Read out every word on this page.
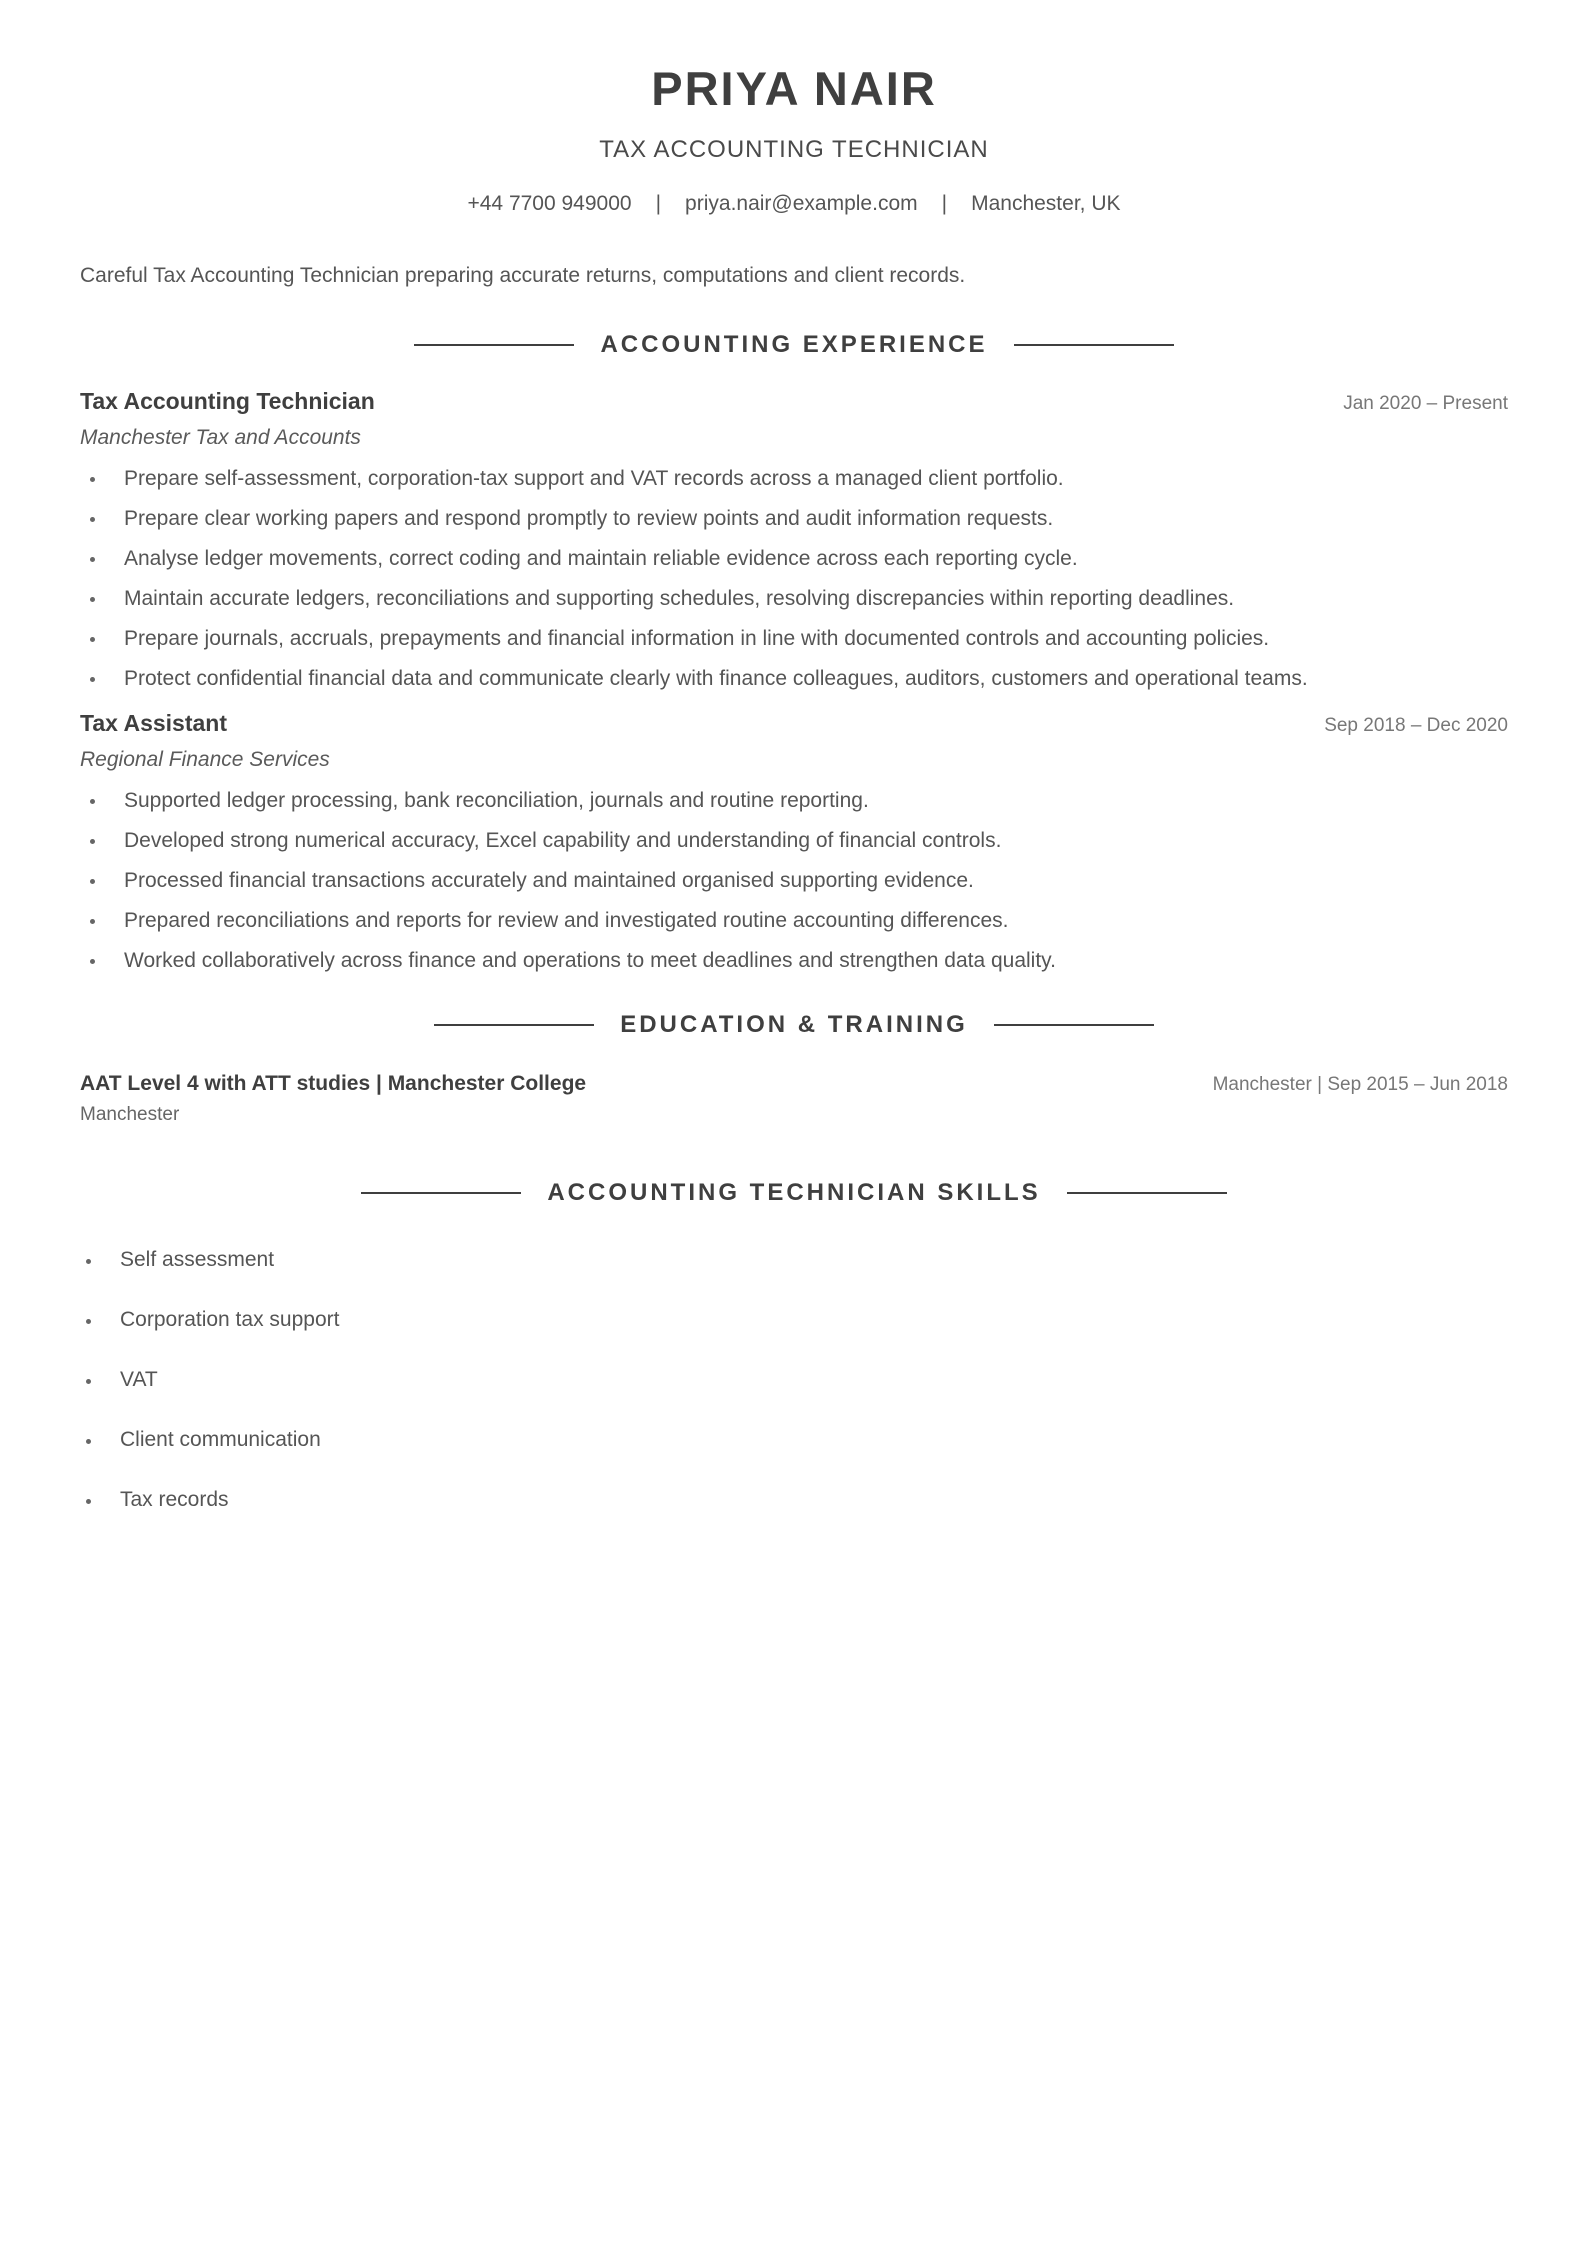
PRIYA NAIR
TAX ACCOUNTING TECHNICIAN
+44 7700 949000 | priya.nair@example.com | Manchester, UK
Careful Tax Accounting Technician preparing accurate returns, computations and client records.
ACCOUNTING EXPERIENCE
Tax Accounting Technician	Jan 2020 – Present
Manchester Tax and Accounts
Prepare self-assessment, corporation-tax support and VAT records across a managed client portfolio.
Prepare clear working papers and respond promptly to review points and audit information requests.
Analyse ledger movements, correct coding and maintain reliable evidence across each reporting cycle.
Maintain accurate ledgers, reconciliations and supporting schedules, resolving discrepancies within reporting deadlines.
Prepare journals, accruals, prepayments and financial information in line with documented controls and accounting policies.
Protect confidential financial data and communicate clearly with finance colleagues, auditors, customers and operational teams.
Tax Assistant	Sep 2018 – Dec 2020
Regional Finance Services
Supported ledger processing, bank reconciliation, journals and routine reporting.
Developed strong numerical accuracy, Excel capability and understanding of financial controls.
Processed financial transactions accurately and maintained organised supporting evidence.
Prepared reconciliations and reports for review and investigated routine accounting differences.
Worked collaboratively across finance and operations to meet deadlines and strengthen data quality.
EDUCATION & TRAINING
AAT Level 4 with ATT studies | Manchester College	Manchester | Sep 2015 – Jun 2018
Manchester
ACCOUNTING TECHNICIAN SKILLS
Self assessment
Corporation tax support
VAT
Client communication
Tax records
